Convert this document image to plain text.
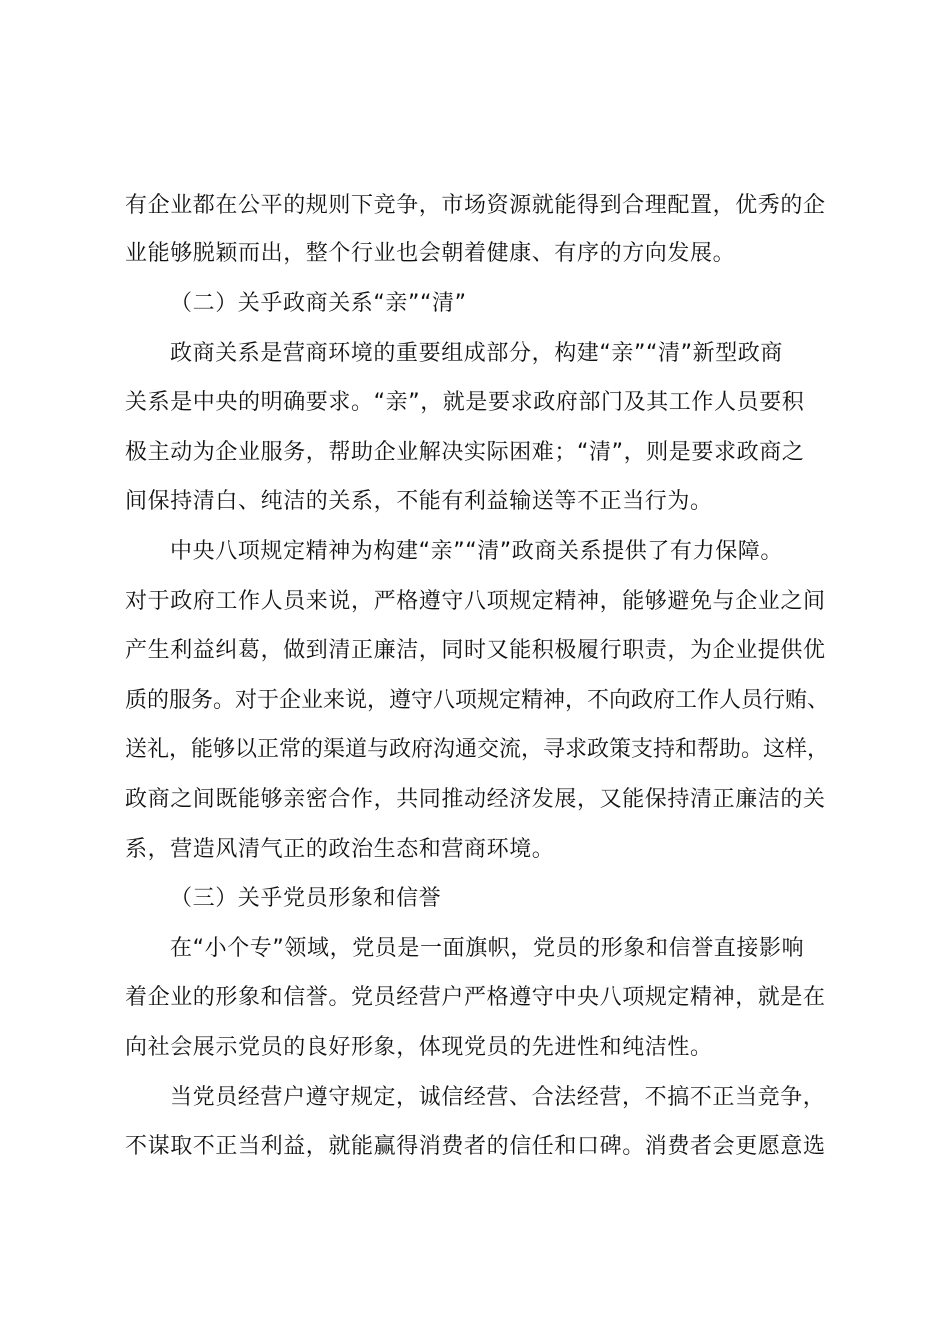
有企业都在公平的规则下竞争，市场资源就能得到合理配置，优秀的企
业能够脱颖而出，整个行业也会朝着健康、有序的方向发展。
（二）关乎政商关系“亲”“清”
政商关系是营商环境的重要组成部分，构建“亲”“清”新型政商
关系是中央的明确要求。“亲”，就是要求政府部门及其工作人员要积
极主动为企业服务，帮助企业解决实际困难；“清”，则是要求政商之
间保持清白、纯洁的关系，不能有利益输送等不正当行为。
中央八项规定精神为构建“亲”“清”政商关系提供了有力保障。
对于政府工作人员来说，严格遵守八项规定精神，能够避免与企业之间
产生利益纠葛，做到清正廉洁，同时又能积极履行职责，为企业提供优
质的服务。对于企业来说，遵守八项规定精神，不向政府工作人员行贿、
送礼，能够以正常的渠道与政府沟通交流，寻求政策支持和帮助。这样，
政商之间既能够亲密合作，共同推动经济发展，又能保持清正廉洁的关
系，营造风清气正的政治生态和营商环境。
（三）关乎党员形象和信誉
在“小个专”领域，党员是一面旗帜，党员的形象和信誉直接影响
着企业的形象和信誉。党员经营户严格遵守中央八项规定精神，就是在
向社会展示党员的良好形象，体现党员的先进性和纯洁性。
当党员经营户遵守规定，诚信经营、合法经营，不搞不正当竞争，
不谋取不正当利益，就能赢得消费者的信任和口碑。消费者会更愿意选
